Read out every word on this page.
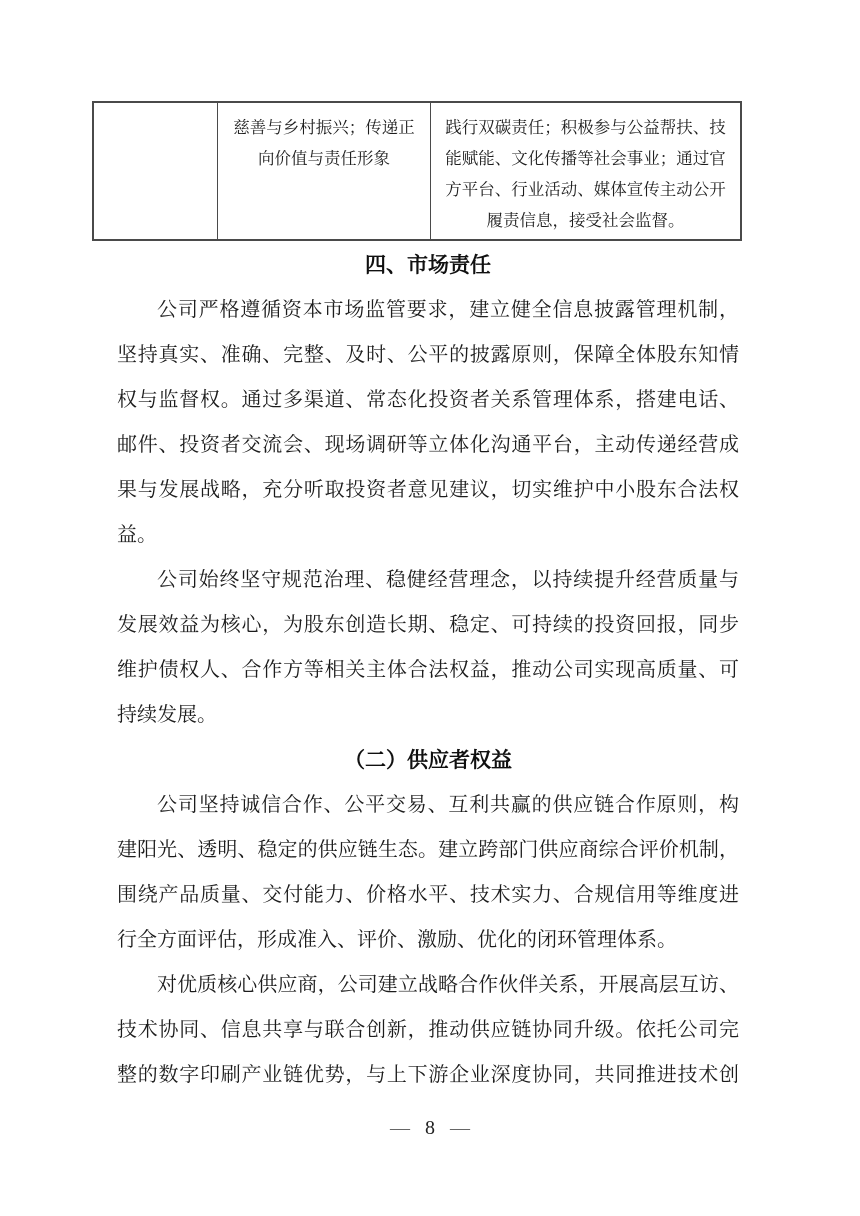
慈善与乡村振兴；传递正
向价值与责任形象
践行双碳责任；积极参与公益帮扶、技
能赋能、文化传播等社会事业；通过官
方平台、行业活动、媒体宣传主动公开
履责信息，接受社会监督。
四、市场责任
公司严格遵循资本市场监管要求，建立健全信息披露管理机制，
坚持真实、准确、完整、及时、公平的披露原则，保障全体股东知情
权与监督权。通过多渠道、常态化投资者关系管理体系，搭建电话、
邮件、投资者交流会、现场调研等立体化沟通平台，主动传递经营成
果与发展战略，充分听取投资者意见建议，切实维护中小股东合法权
益。
公司始终坚守规范治理、稳健经营理念，以持续提升经营质量与
发展效益为核心，为股东创造长期、稳定、可持续的投资回报，同步
维护债权人、合作方等相关主体合法权益，推动公司实现高质量、可
持续发展。
（二）供应者权益
公司坚持诚信合作、公平交易、互利共赢的供应链合作原则，构
建阳光、透明、稳定的供应链生态。建立跨部门供应商综合评价机制，
围绕产品质量、交付能力、价格水平、技术实力、合规信用等维度进
行全方面评估，形成准入、评价、激励、优化的闭环管理体系。
对优质核心供应商，公司建立战略合作伙伴关系，开展高层互访、
技术协同、信息共享与联合创新，推动供应链协同升级。依托公司完
整的数字印刷产业链优势，与上下游企业深度协同，共同推进技术创
— 8 —
